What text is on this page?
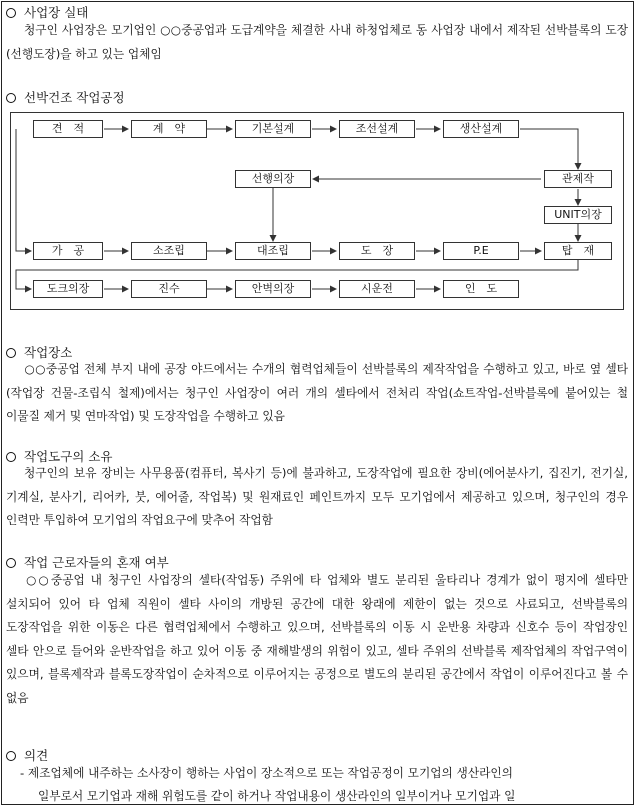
사업장 실태
청구인 사업장은 모기업인 ○○중공업과 도급계약을 체결한 사내 하청업체로 동 사업장 내에서 제작된 선박블록의 도장(선행도장)을 하고 있는 업체임
선박건조 작업공정
견　적	계　약	기본설계	조선설계	생산설계
선행의장	관제작
UNIT의장
가　공	소조립	대조립	도　장	P.E	탑　재
도크의장	진수	안벽의장	시운전	인　도
작업장소
○○중공업 전체 부지 내에 공장 야드에서는 수개의 협력업체들이 선박블록의 제작작업을 수행하고 있고, 바로 옆 셀타(작업장 건물-조립식 철제)에서는 청구인 사업장이 여러 개의 셀타에서 전처리 작업(쇼트작업-선박블록에 붙어있는 철 이물질 제거 및 연마작업) 및 도장작업을 수행하고 있음
작업도구의 소유
청구인의 보유 장비는 사무용품(컴퓨터, 복사기 등)에 불과하고, 도장작업에 필요한 장비(에어분사기, 집진기, 전기실, 기계실, 분사기, 리어카, 붓, 에어줄, 작업복) 및 원재료인 페인트까지 모두 모기업에서 제공하고 있으며, 청구인의 경우 인력만 투입하여 모기업의 작업요구에 맞추어 작업함
작업 근로자들의 혼재 여부
○○중공업 내 청구인 사업장의 셀타(작업동) 주위에 타 업체와 별도 분리된 울타리나 경계가 없이 평지에 셀타만 설치되어 있어 타 업체 직원이 셀타 사이의 개방된 공간에 대한 왕래에 제한이 없는 것으로 사료되고, 선박블록의 도장작업을 위한 이동은 다른 협력업체에서 수행하고 있으며, 선박블록의 이동 시 운반용 차량과 신호수 등이 작업장인 셀타 안으로 들어와 운반작업을 하고 있어 이동 중 재해발생의 위험이 있고, 셀타 주위의 선박블록 제작업체의 작업구역이 있으며, 블록제작과 블록도장작업이 순차적으로 이루어지는 공정으로 별도의 분리된 공간에서 작업이 이루어진다고 볼 수 없음
의견
- 제조업체에 내주하는 소사장이 행하는 사업이 장소적으로 또는 작업공정이 모기업의 생산라인의
일부로서 모기업과 재해 위험도를 같이 하거나 작업내용이 생산라인의 일부이거나 모기업과 일
